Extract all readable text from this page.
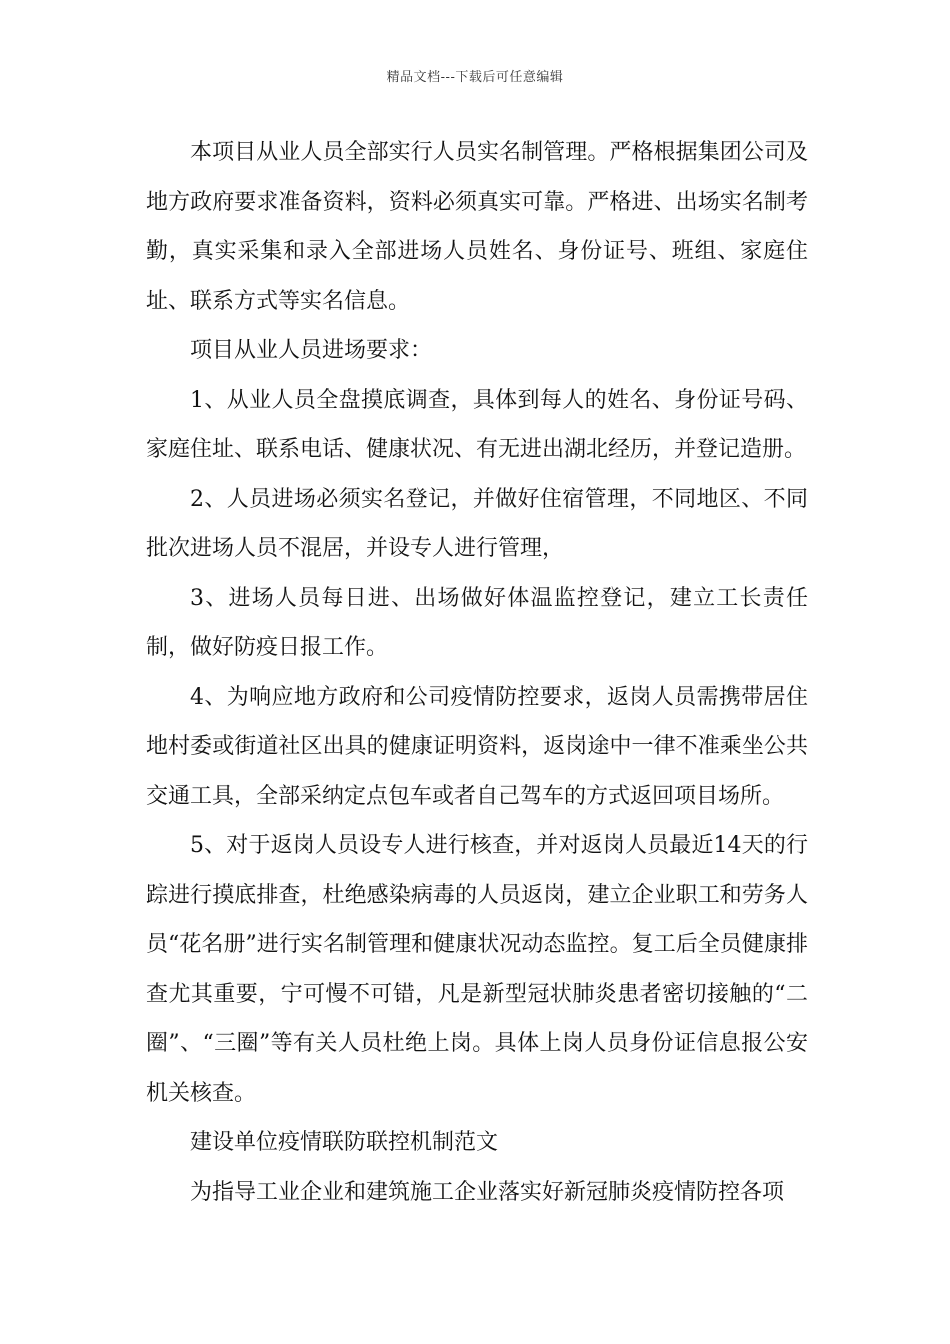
精品文档---下载后可任意编辑

本项目从业人员全部实行人员实名制管理。严格根据集团公司及地方政府要求准备资料，资料必须真实可靠。严格进、出场实名制考勤，真实采集和录入全部进场人员姓名、身份证号、班组、家庭住址、联系方式等实名信息。

项目从业人员进场要求：

1、从业人员全盘摸底调查，具体到每人的姓名、身份证号码、家庭住址、联系电话、健康状况、有无进出湖北经历，并登记造册。

2、人员进场必须实名登记，并做好住宿管理，不同地区、不同批次进场人员不混居，并设专人进行管理，

3、进场人员每日进、出场做好体温监控登记，建立工长责任制，做好防疫日报工作。

4、为响应地方政府和公司疫情防控要求，返岗人员需携带居住地村委或街道社区出具的健康证明资料，返岗途中一律不准乘坐公共交通工具，全部采纳定点包车或者自己驾车的方式返回项目场所。

5、对于返岗人员设专人进行核查，并对返岗人员最近14天的行踪进行摸底排查，杜绝感染病毒的人员返岗，建立企业职工和劳务人员“花名册”进行实名制管理和健康状况动态监控。复工后全员健康排查尤其重要，宁可慢不可错，凡是新型冠状肺炎患者密切接触的“二圈”、“三圈”等有关人员杜绝上岗。具体上岗人员身份证信息报公安机关核查。

建设单位疫情联防联控机制范文

为指导工业企业和建筑施工企业落实好新冠肺炎疫情防控各项
